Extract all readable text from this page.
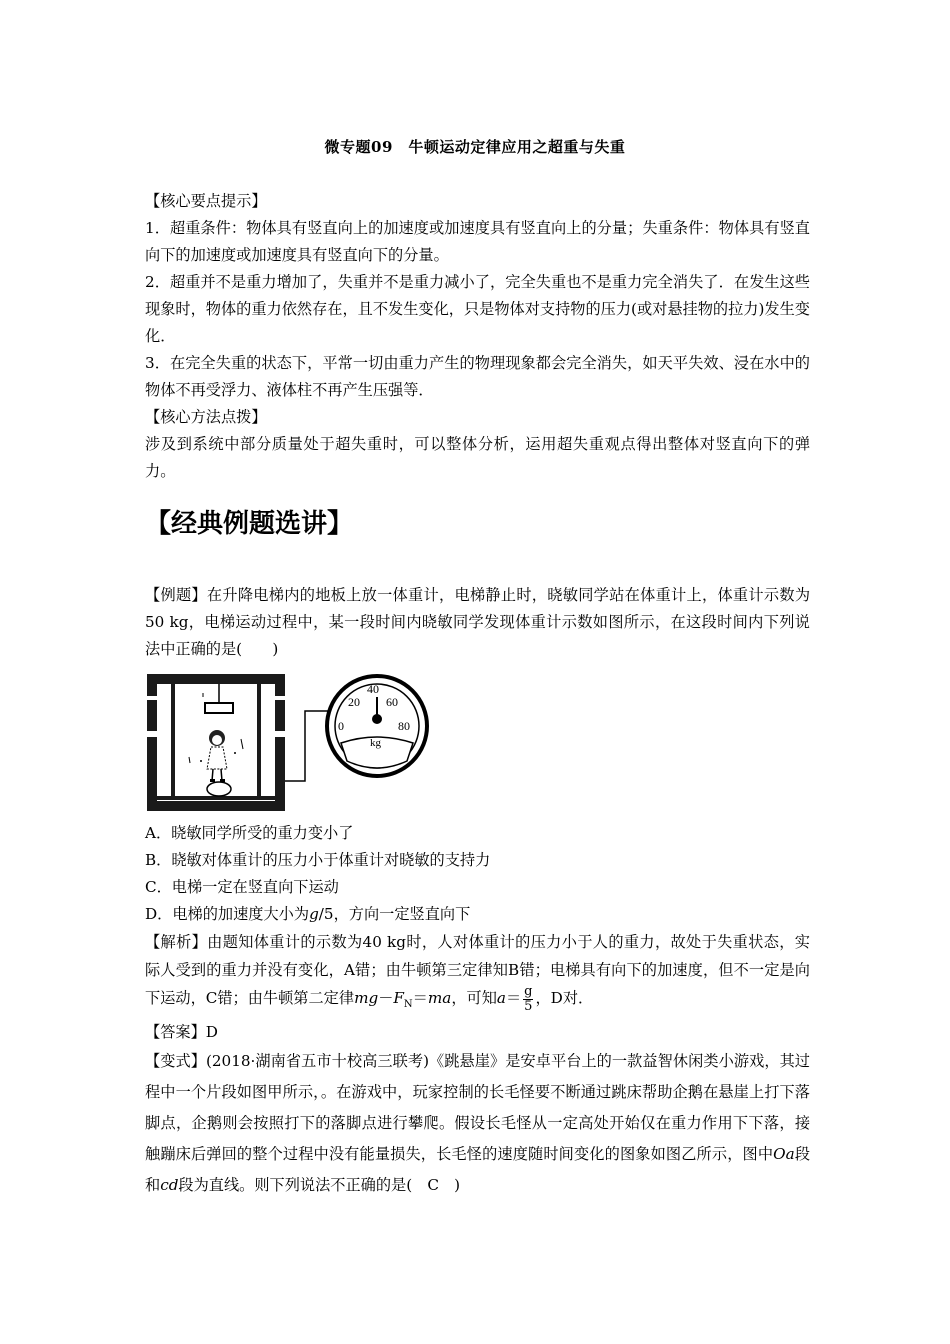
微专题09　牛顿运动定律应用之超重与失重

【核心要点提示】

1．超重条件：物体具有竖直向上的加速度或加速度具有竖直向上的分量；失重条件：物体具有竖直向下的加速度或加速度具有竖直向下的分量。

2．超重并不是重力增加了，失重并不是重力减小了，完全失重也不是重力完全消失了．在发生这些现象时，物体的重力依然存在，且不发生变化，只是物体对支持物的压力(或对悬挂物的拉力)发生变化．

3．在完全失重的状态下，平常一切由重力产生的物理现象都会完全消失，如天平失效、浸在水中的物体不再受浮力、液体柱不再产生压强等．

【核心方法点拨】

涉及到系统中部分质量处于超失重时，可以整体分析，运用超失重观点得出整体对竖直向下的弹力。

【经典例题选讲】

【例题】在升降电梯内的地板上放一体重计，电梯静止时，晓敏同学站在体重计上，体重计示数为50 kg，电梯运动过程中，某一段时间内晓敏同学发现体重计示数如图所示，在这段时间内下列说法中正确的是(　　)

0
20
40
60
80
kg

A．晓敏同学所受的重力变小了

B．晓敏对体重计的压力小于体重计对晓敏的支持力

C．电梯一定在竖直向下运动

D．电梯的加速度大小为g/5，方向一定竖直向下

【解析】由题知体重计的示数为40 kg时，人对体重计的压力小于人的重力，故处于失重状态，实际人受到的重力并没有变化，A错；由牛顿第三定律知B错；电梯具有向下的加速度，但不一定是向下运动，C错；由牛顿第二定律$mg-F_N=ma$，可知$a= \frac{g}{5}$ ，D对．

【答案】D

【变式】(2018·湖南省五市十校高三联考)《跳悬崖》是安卓平台上的一款益智休闲类小游戏，其过程中一个片段如图甲所示，。在游戏中，玩家控制的长毛怪要不断通过跳床帮助企鹅在悬崖上打下落脚点，企鹅则会按照打下的落脚点进行攀爬。假设长毛怪从一定高处开始仅在重力作用下下落，接触蹦床后弹回的整个过程中没有能量损失，长毛怪的速度随时间变化的图象如图乙所示，图中Oa段和cd段为直线。则下列说法不正确的是(　C　)
